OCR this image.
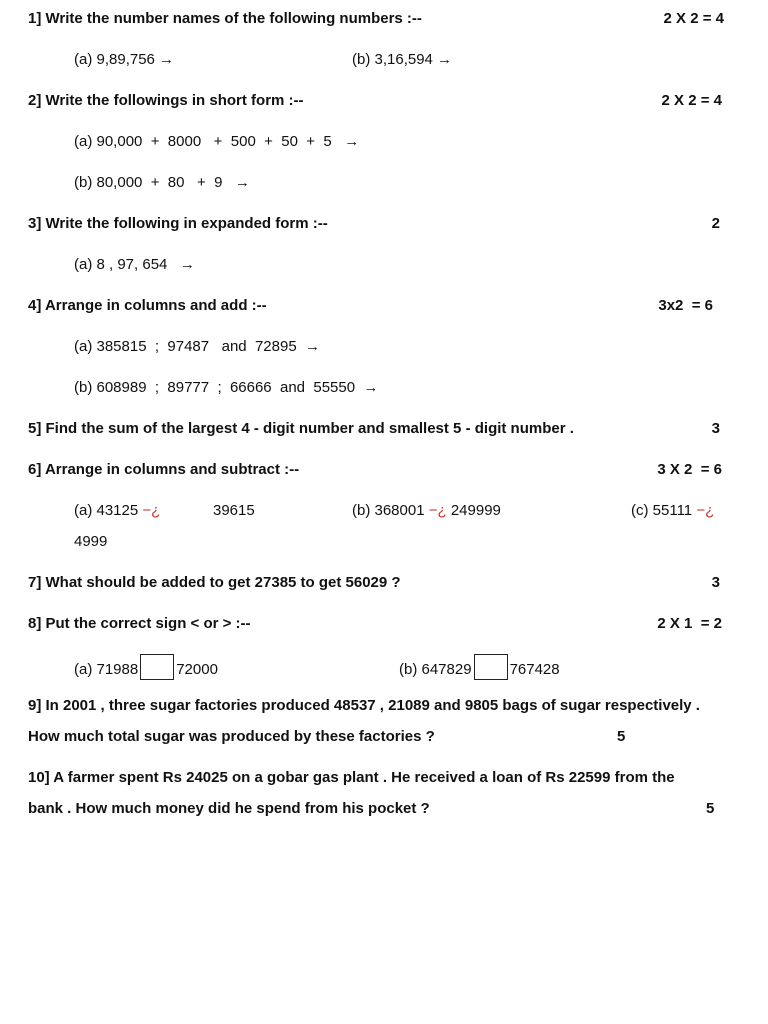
1] Write the number names of the following numbers :--	2 X 2 = 4
(a) 9,89,756 →	(b) 3,16,594 →
2] Write the followings in short form :--	2 X 2 = 4
(a) 90,000  +  8000   +  500  +  50  +  5   →
(b) 80,000  +  80   +  9   →
3] Write the following in expanded form :--	2
(a) 8 , 97, 654   →
4] Arrange in columns and add :--	3x2  = 6
(a) 385815  ;  97487   and  72895  →
(b) 608989  ;  89777  ;  66666  and  55550  →
5] Find the sum of the largest 4 - digit number and smallest 5 - digit number .	3
6] Arrange in columns and subtract :--	3 X 2  = 6
(a) 43125 −¿	39615	(b) 368001 −¿ 249999	(c) 55111 −¿
4999
7] What should be added to get 27385 to get 56029 ?	3
8] Put the correct sign < or > :--	2 X 1  = 2
(a) 71988	72000	(b) 647829	767428
9] In 2001 , three sugar factories produced 48537 , 21089 and 9805 bags of sugar respectively .
How much total sugar was produced by these factories ?	5
10] A farmer spent Rs 24025 on a gobar gas plant . He received a loan of Rs 22599 from the
bank . How much money did he spend from his pocket ?	5
